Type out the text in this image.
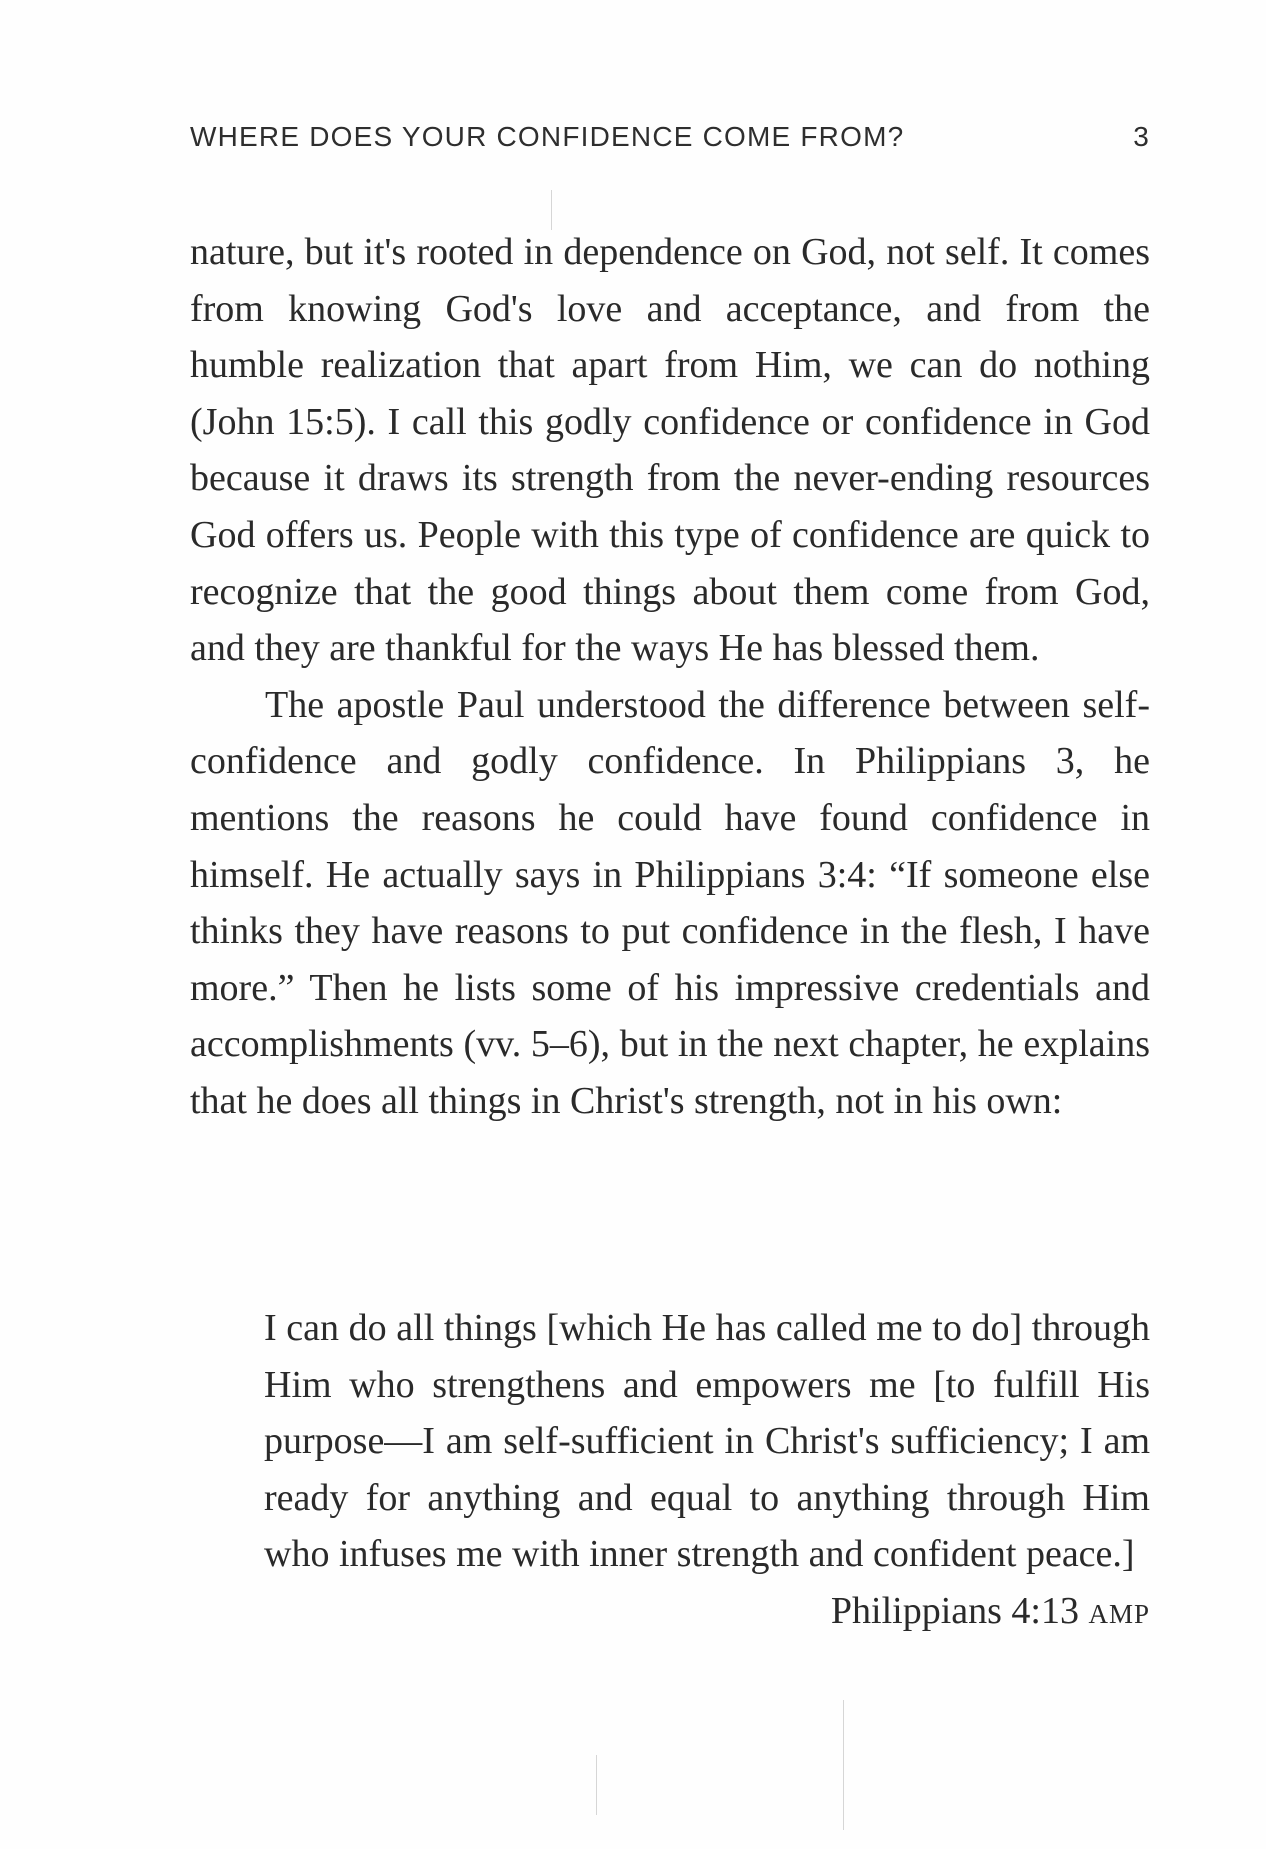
WHERE DOES YOUR CONFIDENCE COME FROM?	3

nature, but it's rooted in dependence on God, not self. It comes from knowing God's love and acceptance, and from the humble realization that apart from Him, we can do nothing (John 15:5). I call this godly confidence or confidence in God because it draws its strength from the never-ending resources God offers us. People with this type of confidence are quick to recognize that the good things about them come from God, and they are thankful for the ways He has blessed them.

The apostle Paul understood the difference between self-confidence and godly confidence. In Philippians 3, he mentions the reasons he could have found confidence in himself. He actually says in Philippians 3:4: “If someone else thinks they have reasons to put confidence in the flesh, I have more.” Then he lists some of his impressive credentials and accomplishments (vv. 5–6), but in the next chapter, he explains that he does all things in Christ's strength, not in his own:

I can do all things [which He has called me to do] through Him who strengthens and empowers me [to fulfill His purpose—I am self-sufficient in Christ's sufficiency; I am ready for anything and equal to anything through Him who infuses me with inner strength and confident peace.]

Philippians 4:13 AMP
